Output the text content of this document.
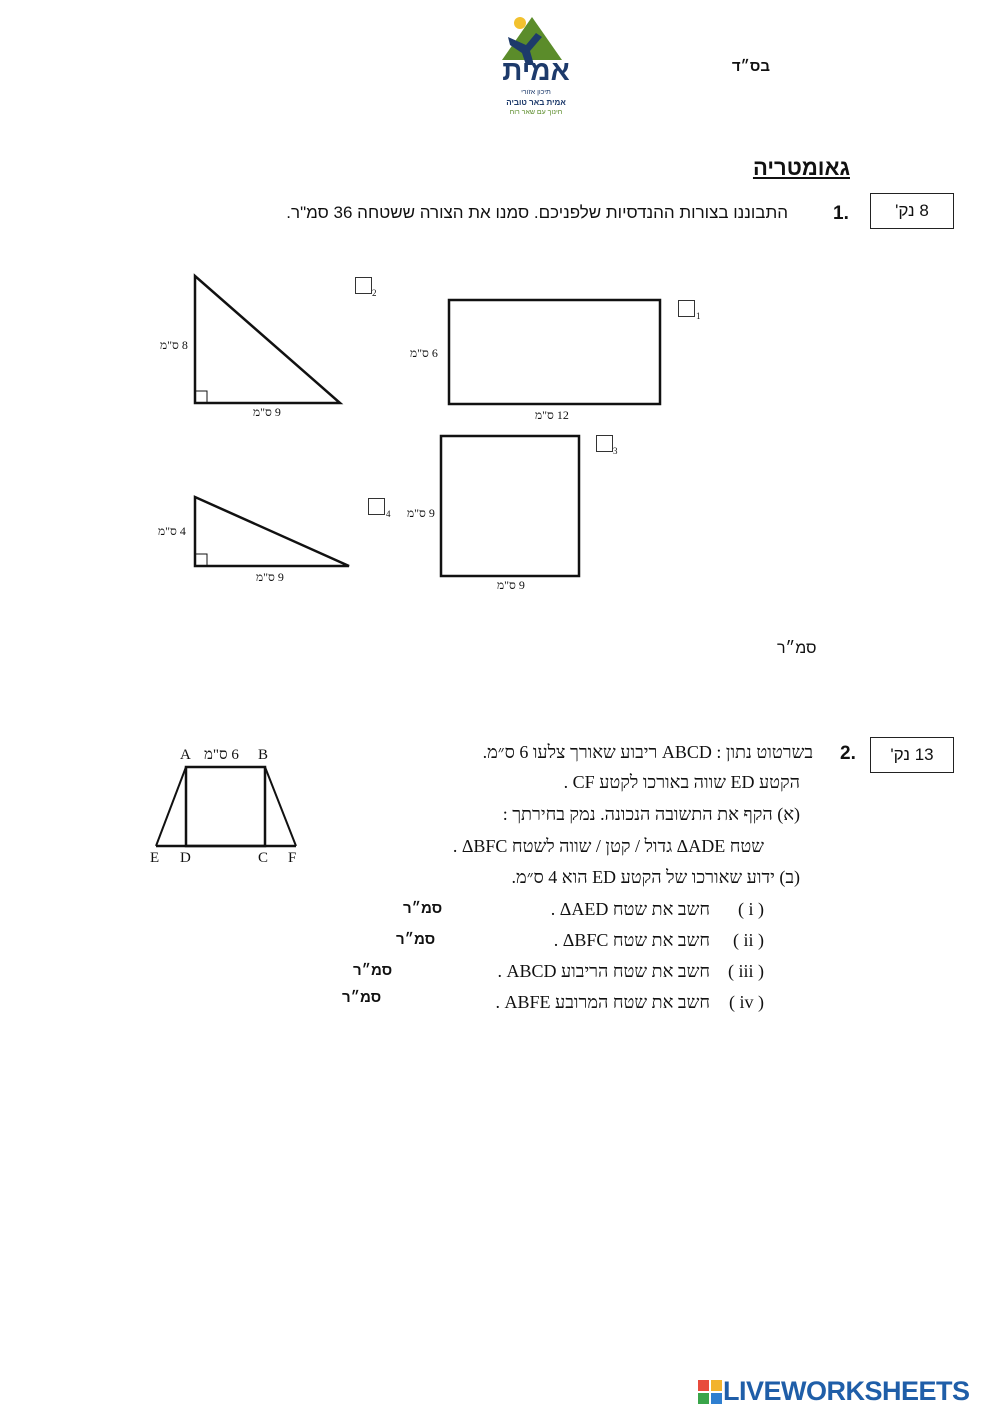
אמית
תיכון אזורי
אמית באר טוביה
חינוך עם שאר רוח
בס״ד
גאומטריה
8 נק'
1.
התבוננו בצורות ההנדסיות שלפניכם. סמנו את הצורה ששטחה 36 סמ"ר.
8 ס"מ
9 ס"מ
6 ס"מ
12 ס"מ
9 ס"מ
9 ס"מ
4 ס"מ
9 ס"מ
2
1
3
4
סמ״ר
13 נק'
2.
בשרטוט נתון : ABCD ריבוע שאורך צלעו 6 ס״מ.
הקטע ED שווה באורכו לקטע CF .
(א) הקף את התשובה הנכונה. נמק בחירתך :
שטח ΔADE גדול / קטן / שווה לשטח ΔBFC .
(ב) ידוע שאורכו של הקטע ED הוא 4 ס״מ.
( i )
חשב את שטח ΔAED .
סמ״ר
( ii )
חשב את שטח ΔBFC .
סמ״ר
( iii )
חשב את שטח הריבוע ABCD .
סמ״ר
( iv )
חשב את שטח המרובע ABFE .
סמ״ר
A 6 ס"מ B
E D	C F
LIVEWORKSHEETS
